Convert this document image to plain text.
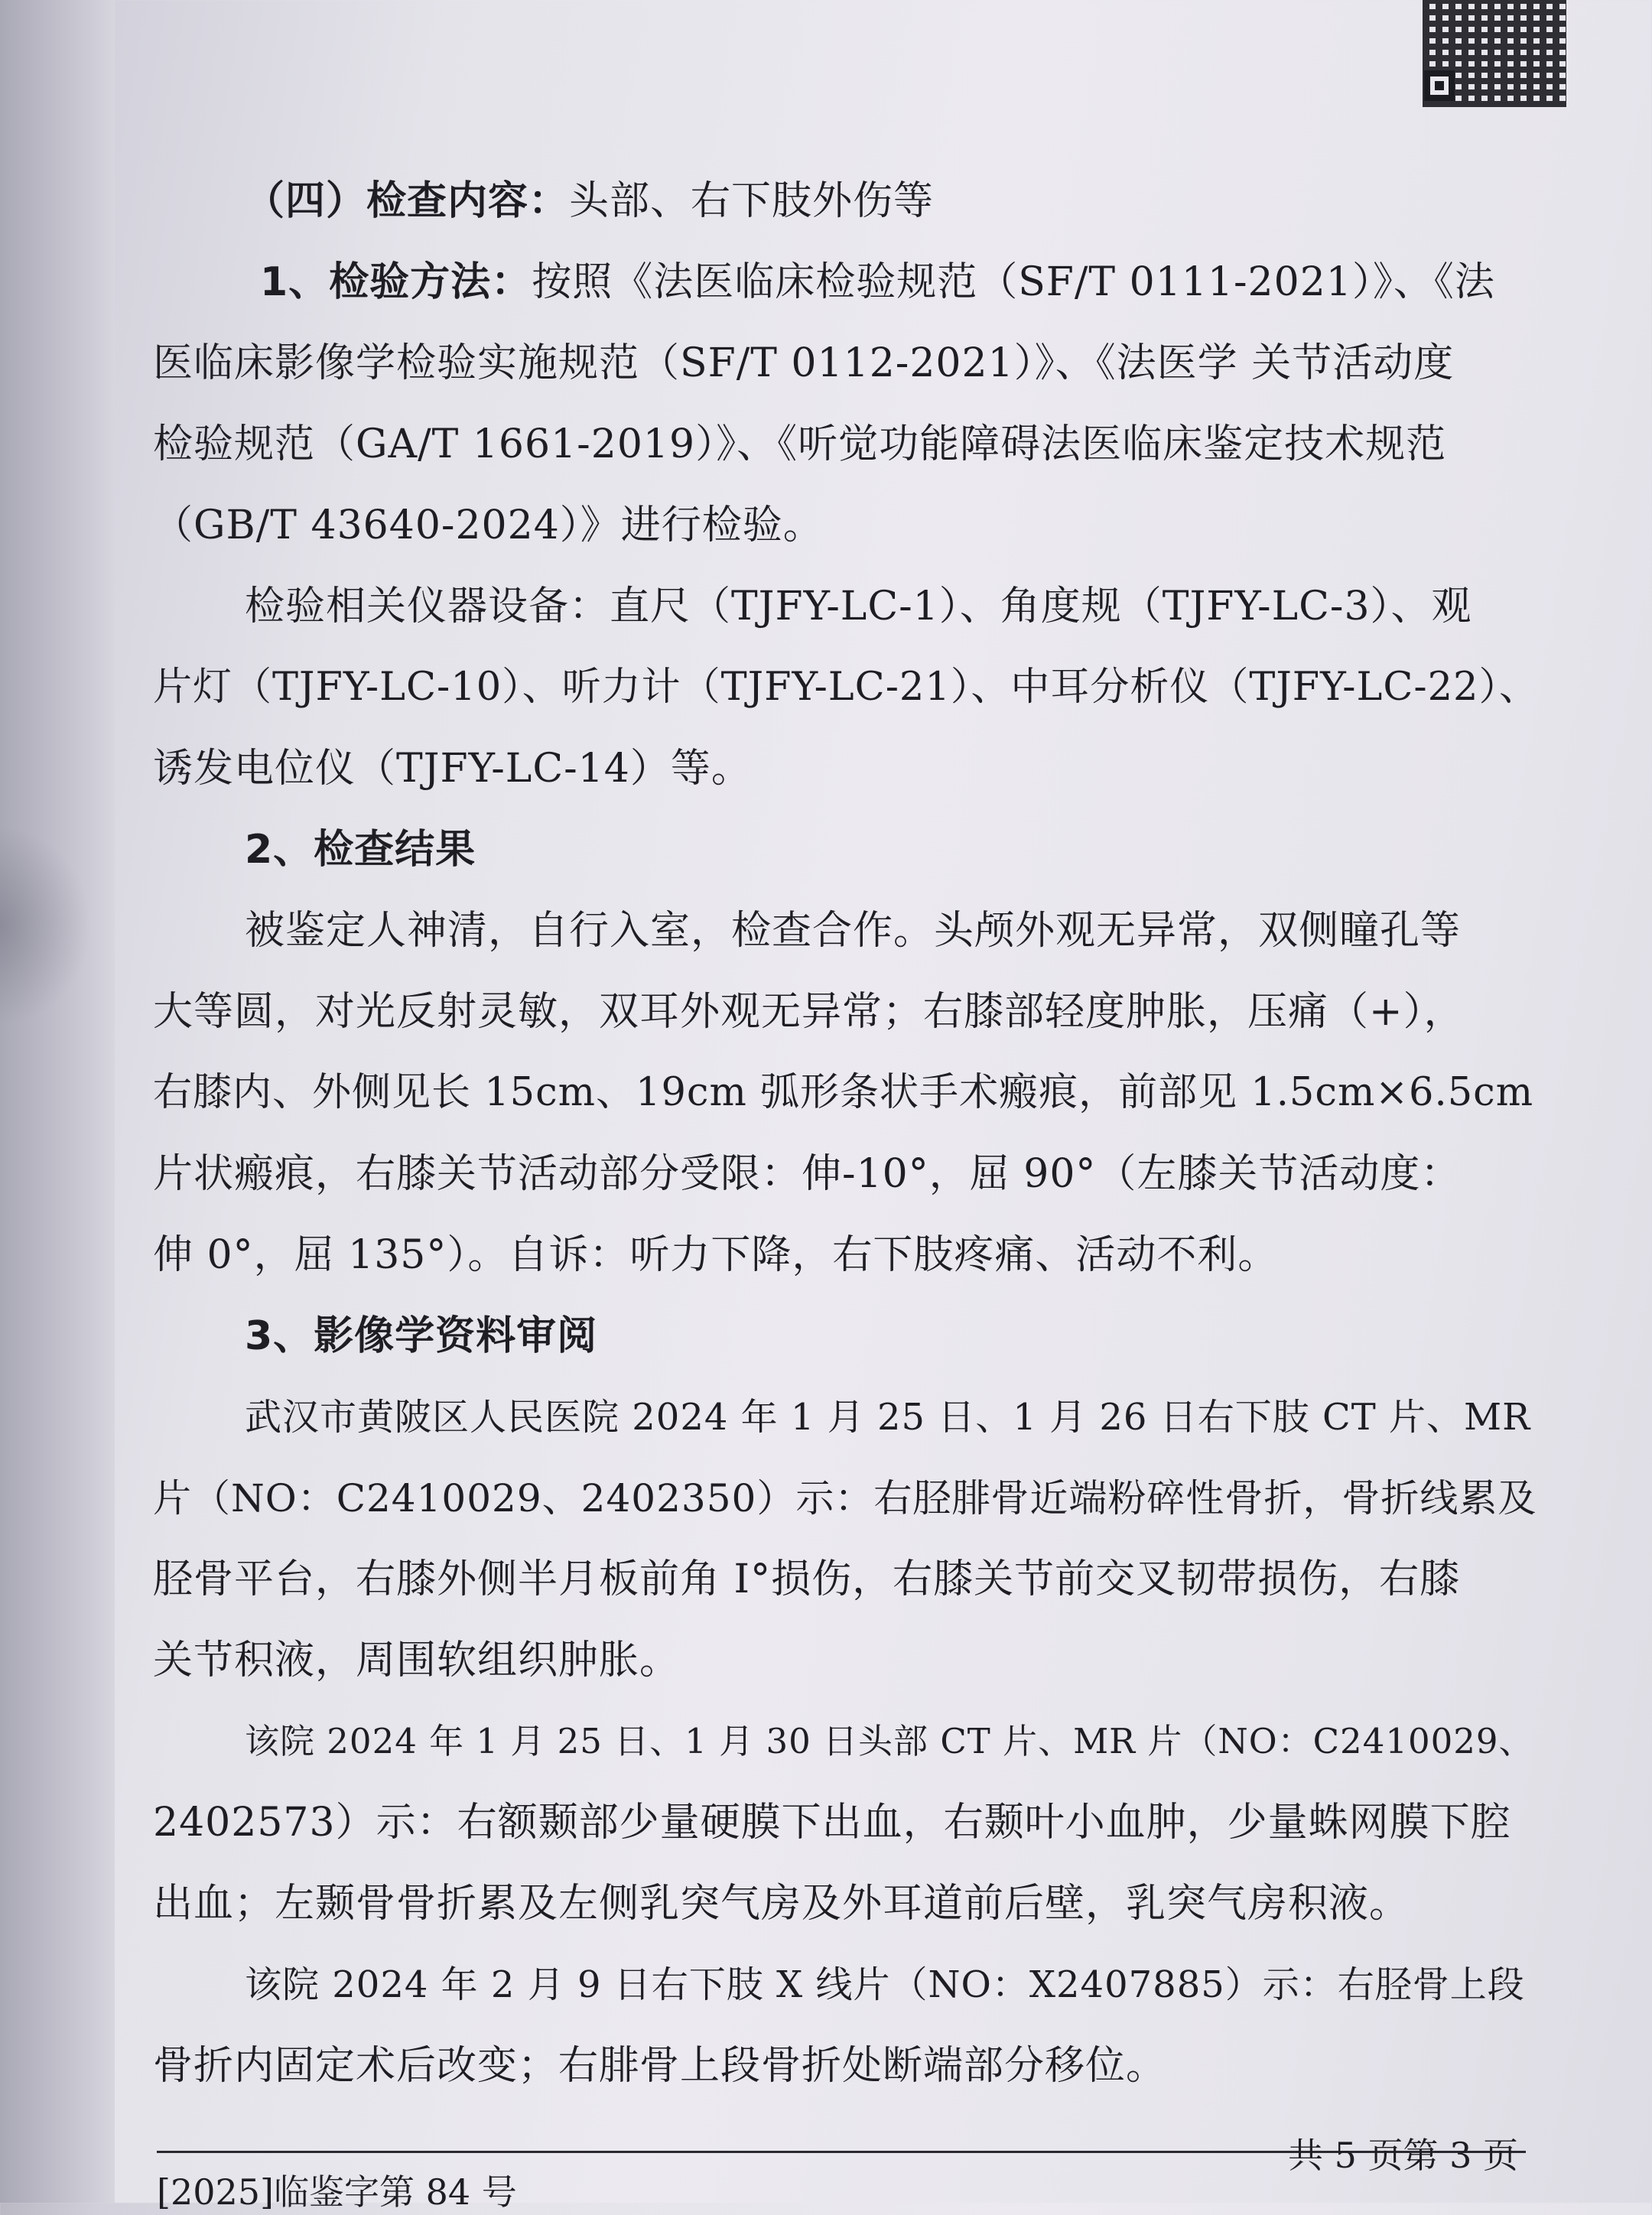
（四）检查内容：头部、右下肢外伤等
1、检验方法：按照《法医临床检验规范（SF/T 0111-2021）》、《法
医临床影像学检验实施规范（SF/T 0112-2021）》、《法医学 关节活动度
检验规范（GA/T 1661-2019）》、《听觉功能障碍法医临床鉴定技术规范
（GB/T 43640-2024）》进行检验。
检验相关仪器设备：直尺（TJFY-LC-1）、角度规（TJFY-LC-3）、观
片灯（TJFY-LC-10）、听力计（TJFY-LC-21）、中耳分析仪（TJFY-LC-22）、
诱发电位仪（TJFY-LC-14）等。
2、检查结果
被鉴定人神清，自行入室，检查合作。头颅外观无异常，双侧瞳孔等
大等圆，对光反射灵敏，双耳外观无异常；右膝部轻度肿胀，压痛（+），
右膝内、外侧见长 15cm、19cm 弧形条状手术瘢痕，前部见 1.5cm×6.5cm
片状瘢痕，右膝关节活动部分受限：伸-10°，屈 90°（左膝关节活动度：
伸 0°，屈 135°）。自诉：听力下降，右下肢疼痛、活动不利。
3、影像学资料审阅
武汉市黄陂区人民医院 2024 年 1 月 25 日、1 月 26 日右下肢 CT 片、MR
片（NO：C2410029、2402350）示：右胫腓骨近端粉碎性骨折，骨折线累及
胫骨平台，右膝外侧半月板前角 I°损伤，右膝关节前交叉韧带损伤，右膝
关节积液，周围软组织肿胀。
该院 2024 年 1 月 25 日、1 月 30 日头部 CT 片、MR 片（NO：C2410029、
2402573）示：右额颞部少量硬膜下出血，右颞叶小血肿，少量蛛网膜下腔
出血；左颞骨骨折累及左侧乳突气房及外耳道前后壁，乳突气房积液。
该院 2024 年 2 月 9 日右下肢 X 线片（NO：X2407885）示：右胫骨上段
骨折内固定术后改变；右腓骨上段骨折处断端部分移位。
共 5 页第 3 页
[2025]临鉴字第 84 号
